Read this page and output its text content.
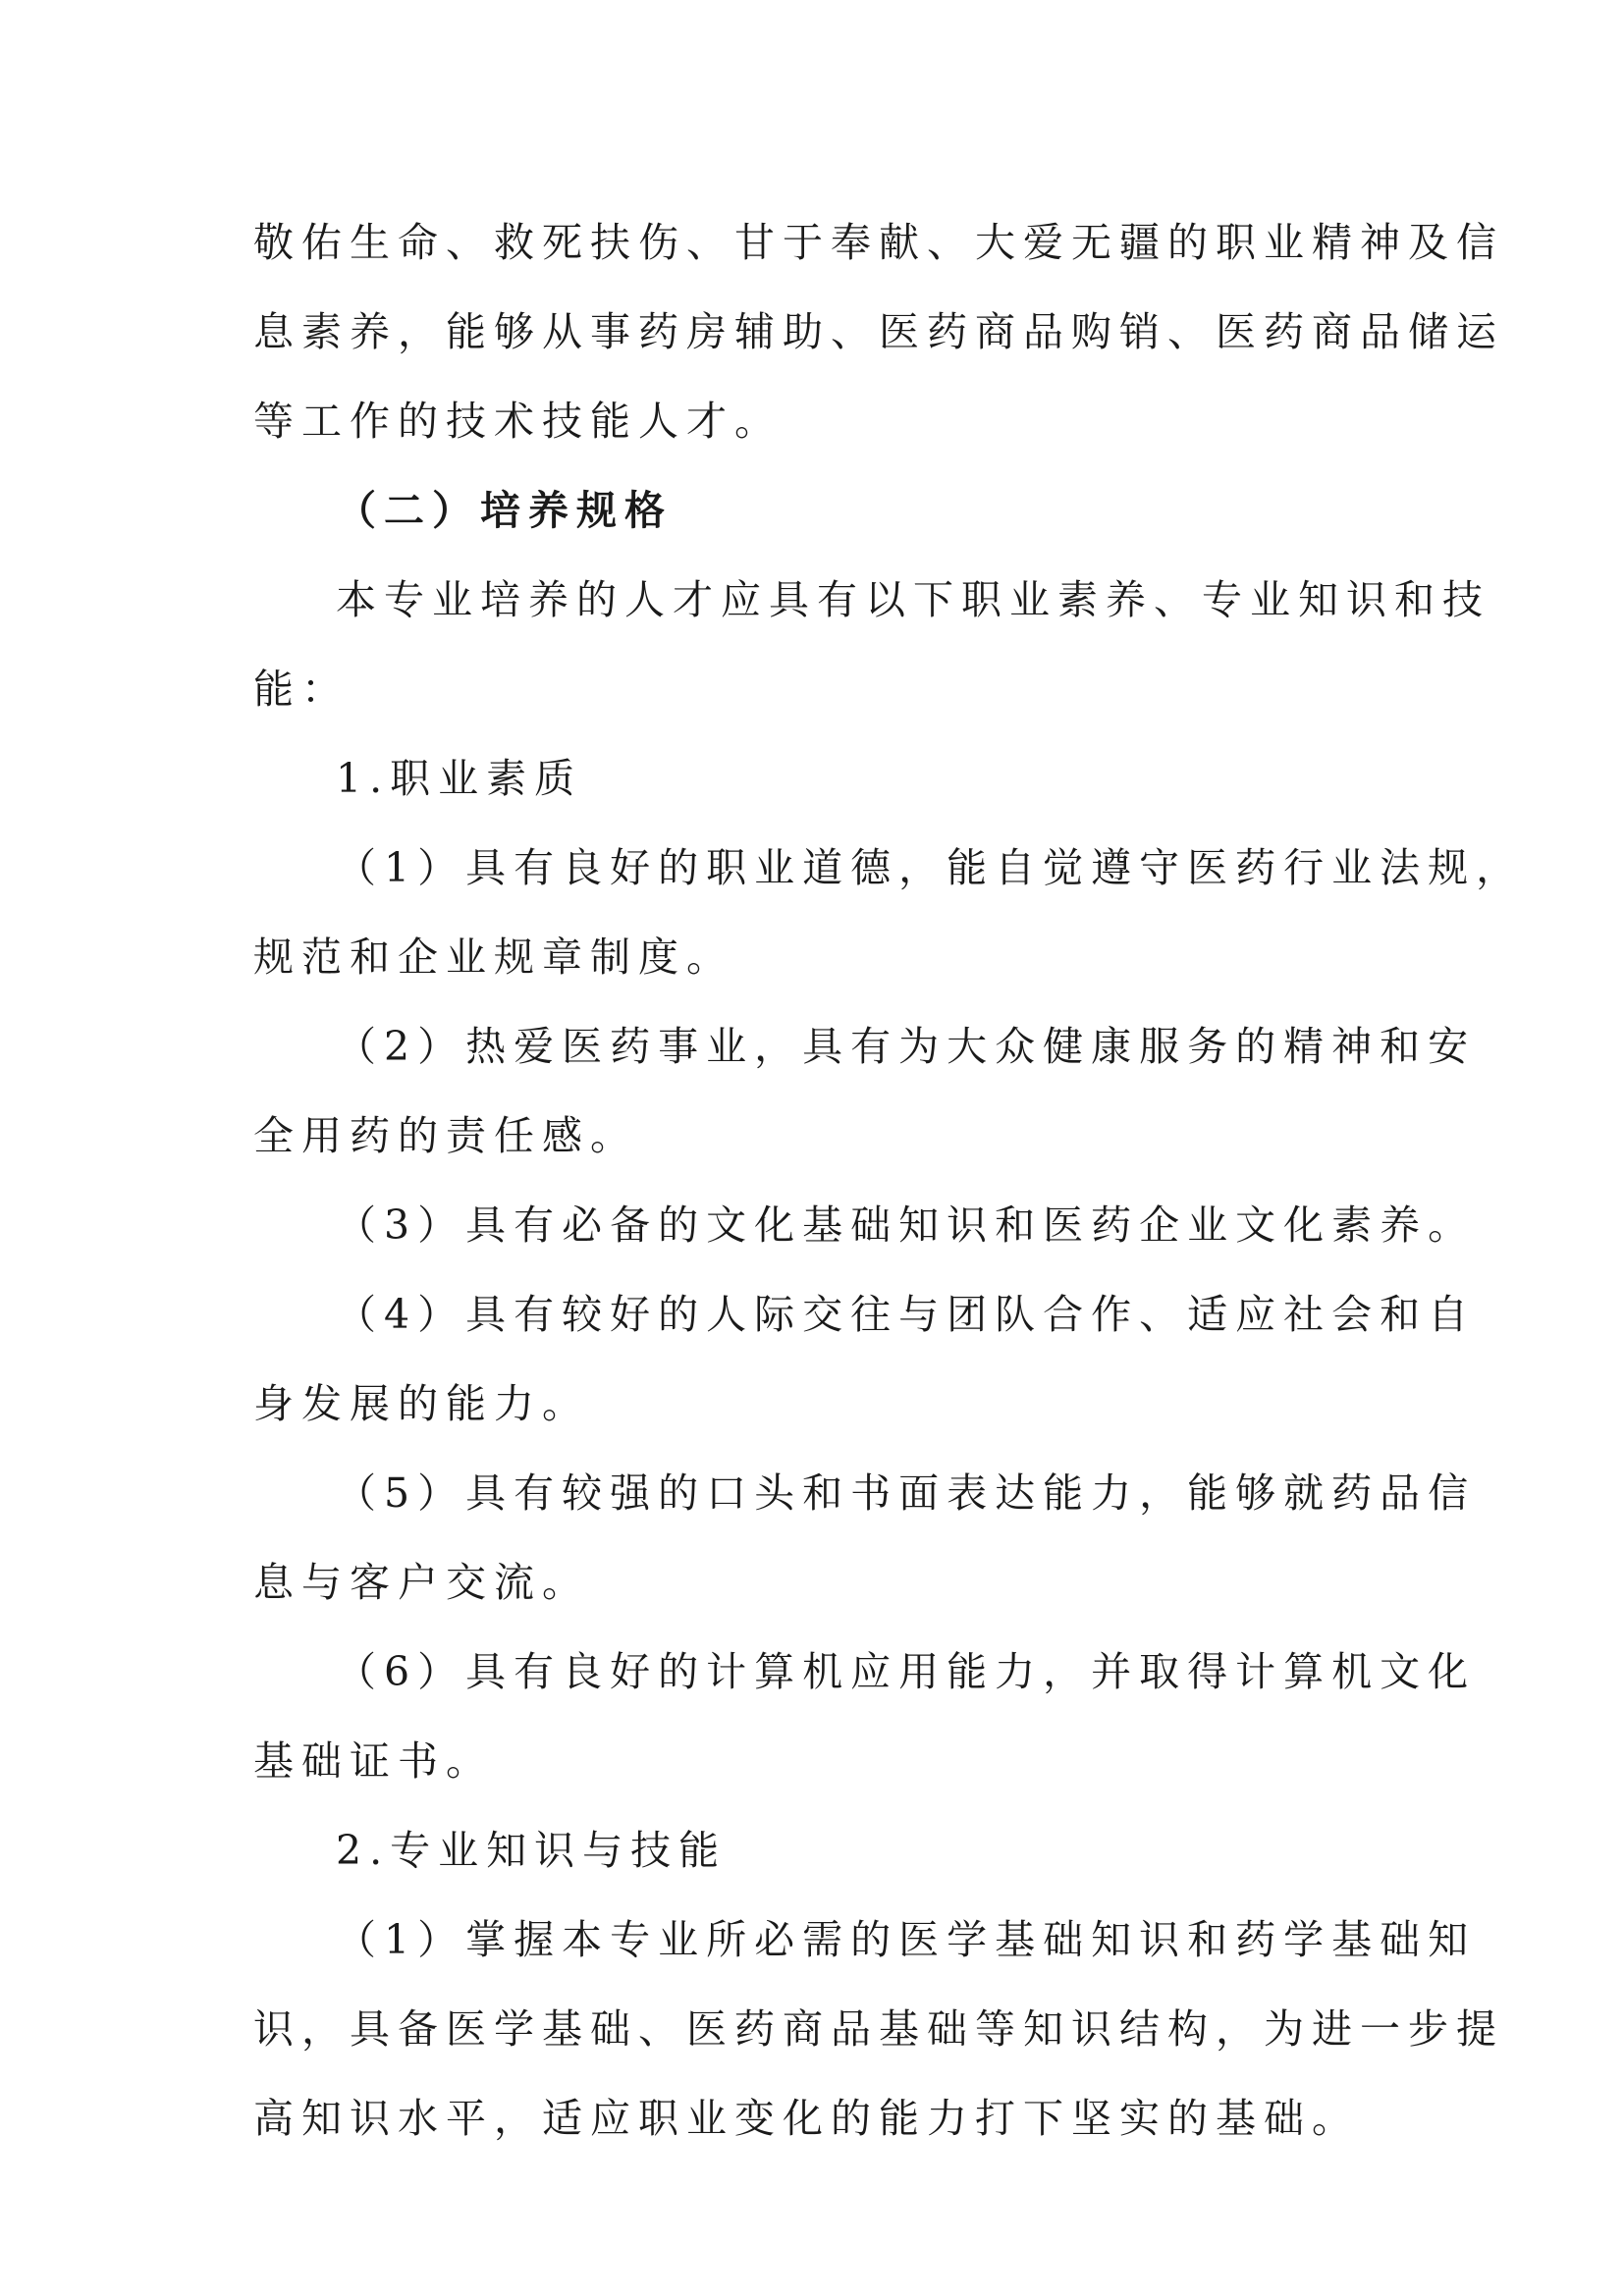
敬佑生命、救死扶伤、甘于奉献、大爱无疆的职业精神及信
息素养，能够从事药房辅助、医药商品购销、医药商品储运
等工作的技术技能人才。
（二）培养规格
本专业培养的人才应具有以下职业素养、专业知识和技
能：
1.职业素质
（1）具有良好的职业道德，能自觉遵守医药行业法规，
规范和企业规章制度。
（2）热爱医药事业，具有为大众健康服务的精神和安
全用药的责任感。
（3）具有必备的文化基础知识和医药企业文化素养。
（4）具有较好的人际交往与团队合作、适应社会和自
身发展的能力。
（5）具有较强的口头和书面表达能力，能够就药品信
息与客户交流。
（6）具有良好的计算机应用能力，并取得计算机文化
基础证书。
2.专业知识与技能
（1）掌握本专业所必需的医学基础知识和药学基础知
识，具备医学基础、医药商品基础等知识结构，为进一步提
高知识水平，适应职业变化的能力打下坚实的基础。
